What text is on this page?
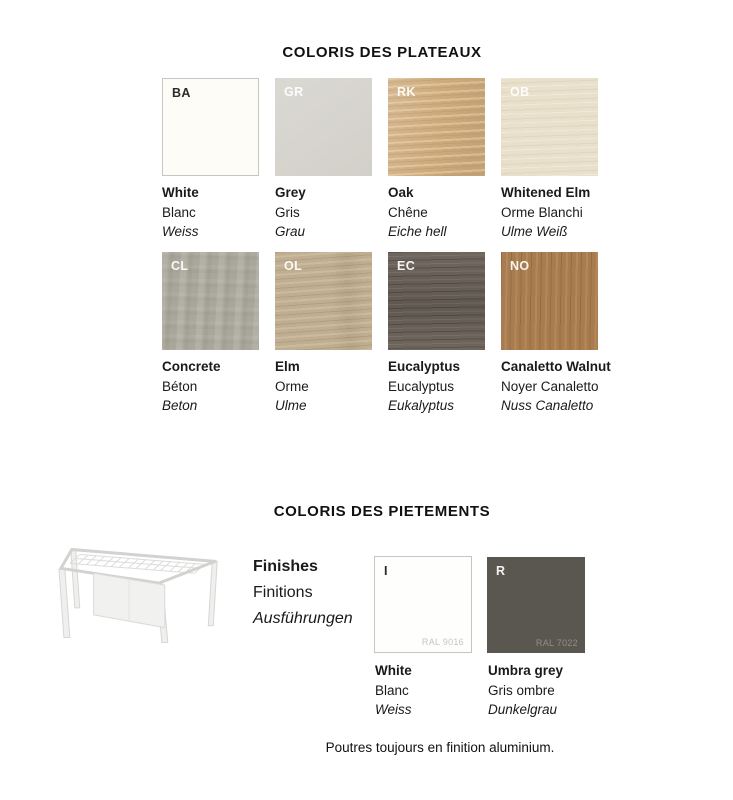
COLORIS DES PLATEAUX
BA
White
Blanc
Weiss
GR
Grey
Gris
Grau
RK
Oak
Chêne
Eiche hell
OB
Whitened Elm
Orme Blanchi
Ulme Weiß
CL
Concrete
Béton
Beton
OL
Elm
Orme
Ulme
EC
Eucalyptus
Eucalyptus
Eukalyptus
NO
Canaletto Walnut
Noyer Canaletto
Nuss Canaletto
COLORIS DES PIETEMENTS
Finishes
Finitions
Ausführungen
I
RAL 9016
R
RAL 7022
White
Blanc
Weiss
Umbra grey
Gris ombre
Dunkelgrau
Poutres toujours en finition aluminium.
